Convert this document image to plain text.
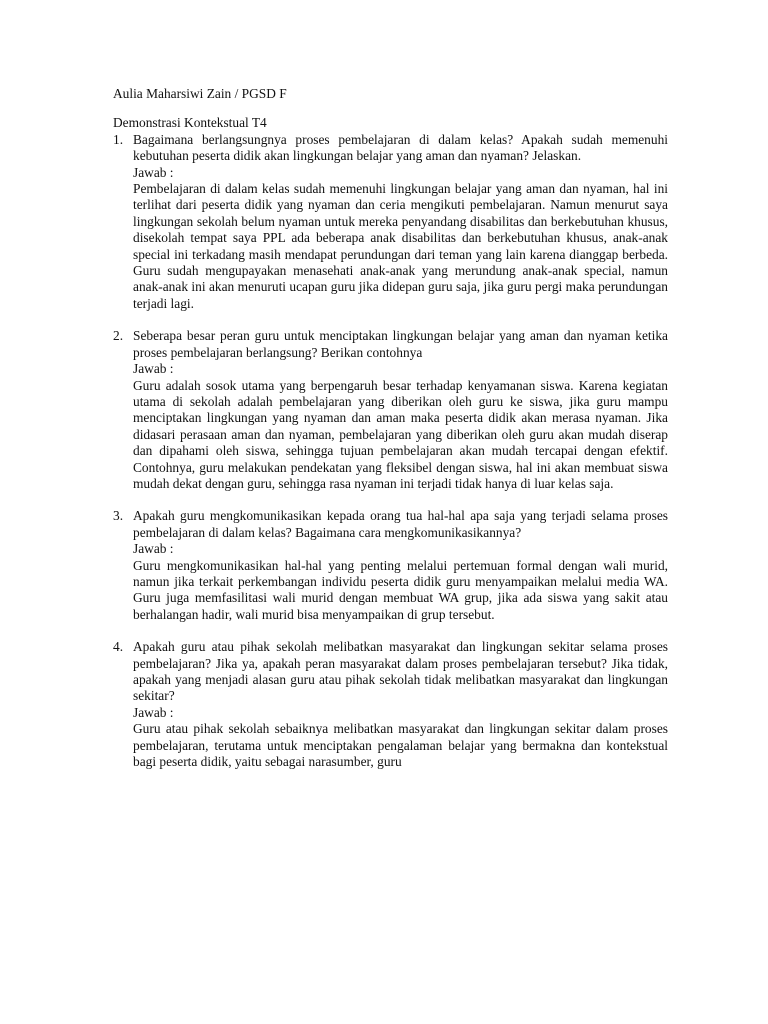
Aulia Maharsiwi Zain / PGSD F

Demonstrasi Kontekstual T4

1. Bagaimana berlangsungnya proses pembelajaran di dalam kelas? Apakah sudah memenuhi kebutuhan peserta didik akan lingkungan belajar yang aman dan nyaman? Jelaskan.

Jawab :

Pembelajaran di dalam kelas sudah memenuhi lingkungan belajar yang aman dan nyaman, hal ini terlihat dari peserta didik yang nyaman dan ceria mengikuti pembelajaran. Namun menurut saya lingkungan sekolah belum nyaman untuk mereka penyandang disabilitas dan berkebutuhan khusus, disekolah tempat saya PPL ada beberapa anak disabilitas dan berkebutuhan khusus, anak-anak special ini terkadang masih mendapat perundungan dari teman yang lain karena dianggap berbeda. Guru sudah mengupayakan menasehati anak-anak yang merundung anak-anak special, namun anak-anak ini akan menuruti ucapan guru jika didepan guru saja, jika guru pergi maka perundungan terjadi lagi.

2. Seberapa besar peran guru untuk menciptakan lingkungan belajar yang aman dan nyaman ketika proses pembelajaran berlangsung? Berikan contohnya

Jawab :

Guru adalah sosok utama yang berpengaruh besar terhadap kenyamanan siswa. Karena kegiatan utama di sekolah adalah pembelajaran yang diberikan oleh guru ke siswa, jika guru mampu menciptakan lingkungan yang nyaman dan aman maka peserta didik akan merasa nyaman. Jika didasari perasaan aman dan nyaman, pembelajaran yang diberikan oleh guru akan mudah diserap dan dipahami oleh siswa, sehingga tujuan pembelajaran akan mudah tercapai dengan efektif. Contohnya, guru melakukan pendekatan yang fleksibel dengan siswa, hal ini akan membuat siswa mudah dekat dengan guru, sehingga rasa nyaman ini terjadi tidak hanya di luar kelas saja.

3. Apakah guru mengkomunikasikan kepada orang tua hal-hal apa saja yang terjadi selama proses pembelajaran di dalam kelas? Bagaimana cara mengkomunikasikannya?

Jawab :

Guru mengkomunikasikan hal-hal yang penting melalui pertemuan formal dengan wali murid, namun jika terkait perkembangan individu peserta didik guru menyampaikan melalui media WA. Guru juga memfasilitasi wali murid dengan membuat WA grup, jika ada siswa yang sakit atau berhalangan hadir, wali murid bisa menyampaikan di grup tersebut.

4. Apakah guru atau pihak sekolah melibatkan masyarakat dan lingkungan sekitar selama proses pembelajaran? Jika ya, apakah peran masyarakat dalam proses pembelajaran tersebut? Jika tidak, apakah yang menjadi alasan guru atau pihak sekolah tidak melibatkan masyarakat dan lingkungan sekitar?

Jawab :

Guru atau pihak sekolah sebaiknya melibatkan masyarakat dan lingkungan sekitar dalam proses pembelajaran, terutama untuk menciptakan pengalaman belajar yang bermakna dan kontekstual bagi peserta didik, yaitu sebagai narasumber, guru
